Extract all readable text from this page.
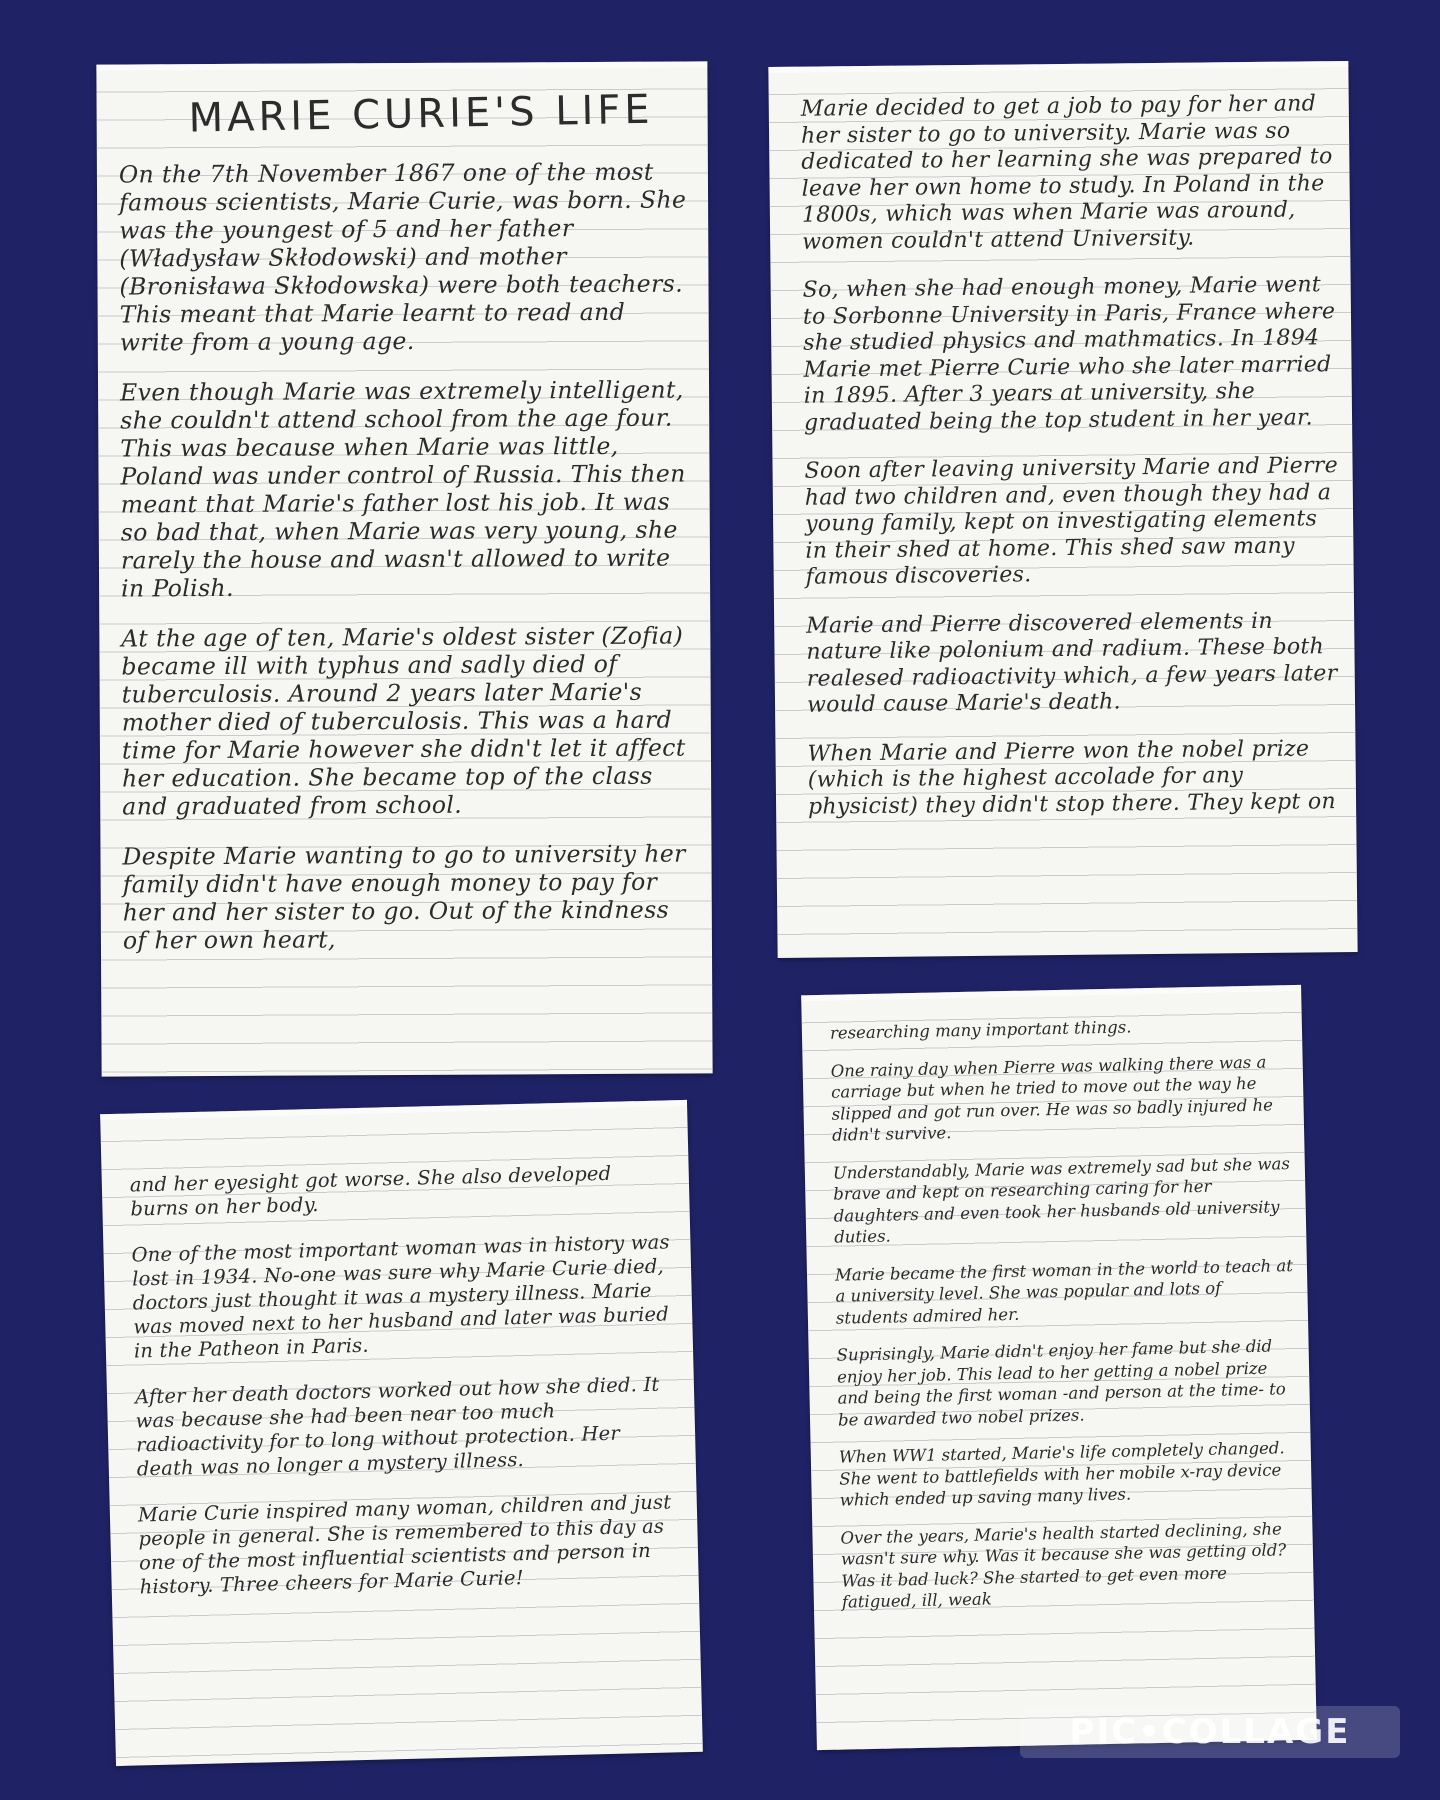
MARIE CURIE'S LIFE

On the 7th November 1867 one of the most famous scientists, Marie Curie, was born. She was the youngest of 5 and her father (Władysław Skłodowski) and mother (Bronisława Skłodowska) were both teachers. This meant that Marie learnt to read and write from a young age.

Even though Marie was extremely intelligent, she couldn't attend school from the age four. This was because when Marie was little, Poland was under control of Russia. This then meant that Marie's father lost his job. It was so bad that, when Marie was very young, she rarely the house and wasn't allowed to write in Polish.

At the age of ten, Marie's oldest sister (Zofia) became ill with typhus and sadly died of tuberculosis. Around 2 years later Marie's mother died of tuberculosis. This was a hard time for Marie however she didn't let it affect her education. She became top of the class and graduated from school.

Despite Marie wanting to go to university her family didn't have enough money to pay for her and her sister to go. Out of the kindness of her own heart,

Marie decided to get a job to pay for her and her sister to go to university. Marie was so dedicated to her learning she was prepared to leave her own home to study. In Poland in the 1800s, which was when Marie was around, women couldn't attend University.

So, when she had enough money, Marie went to Sorbonne University in Paris, France where she studied physics and mathmatics. In 1894 Marie met Pierre Curie who she later married in 1895. After 3 years at university, she graduated being the top student in her year.

Soon after leaving university Marie and Pierre had two children and, even though they had a young family, kept on investigating elements in their shed at home. This shed saw many famous discoveries.

Marie and Pierre discovered elements in nature like polonium and radium. These both realesed radioactivity which, a few years later would cause Marie's death.

When Marie and Pierre won the nobel prize (which is the highest accolade for any physicist) they didn't stop there. They kept on

and her eyesight got worse. She also developed burns on her body.

One of the most important woman was in history was lost in 1934. No-one was sure why Marie Curie died, doctors just thought it was a mystery illness. Marie was moved next to her husband and later was buried in the Patheon in Paris.

After her death doctors worked out how she died. It was because she had been near too much radioactivity for to long without protection. Her death was no longer a mystery illness.

Marie Curie inspired many woman, children and just people in general. She is remembered to this day as one of the most influential scientists and person in history. Three cheers for Marie Curie!

researching many important things.

One rainy day when Pierre was walking there was a carriage but when he tried to move out the way he slipped and got run over. He was so badly injured he didn't survive.

Understandably, Marie was extremely sad but she was brave and kept on researching caring for her daughters and even took her husbands old university duties.

Marie became the first woman in the world to teach at a university level. She was popular and lots of students admired her.

Suprisingly, Marie didn't enjoy her fame but she did enjoy her job. This lead to her getting a nobel prize and being the first woman -and person at the time- to be awarded two nobel prizes.

When WW1 started, Marie's life completely changed. She went to battlefields with her mobile x-ray device which ended up saving many lives.

Over the years, Marie's health started declining, she wasn't sure why. Was it because she was getting old? Was it bad luck? She started to get even more fatigued, ill, weak

PIC•COLLAGE
